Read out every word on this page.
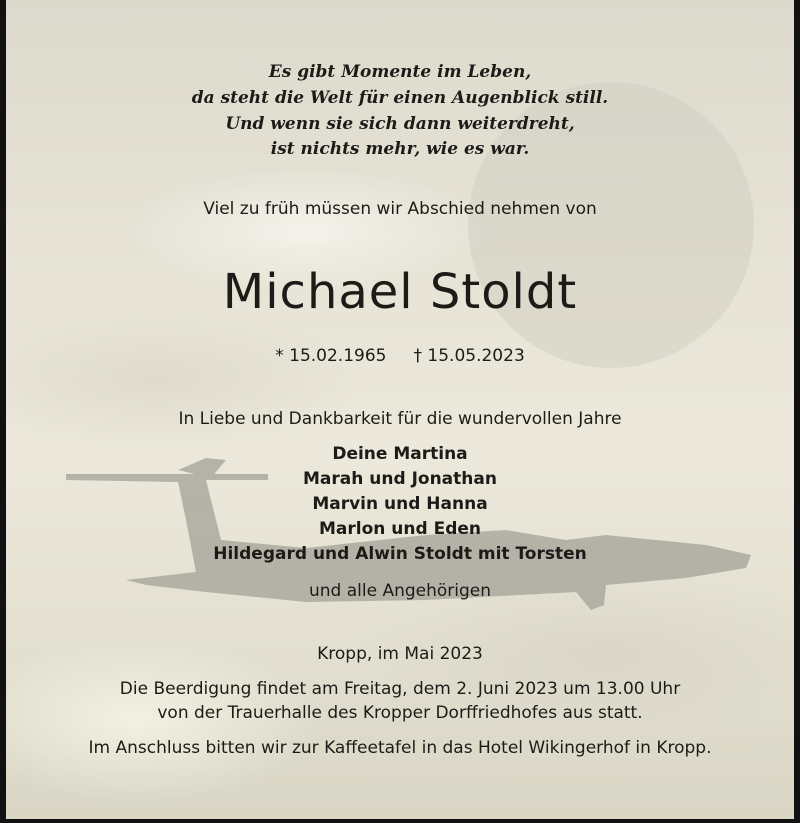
Es gibt Momente im Leben,
da steht die Welt für einen Augenblick still.
Und wenn sie sich dann weiterdreht,
ist nichts mehr, wie es war.
Viel zu früh müssen wir Abschied nehmen von
Michael Stoldt
* 15.02.1965 † 15.05.2023
In Liebe und Dankbarkeit für die wundervollen Jahre
Deine Martina
Marah und Jonathan
Marvin und Hanna
Marlon und Eden
Hildegard und Alwin Stoldt mit Torsten
und alle Angehörigen
Kropp, im Mai 2023
Die Beerdigung findet am Freitag, dem 2. Juni 2023 um 13.00 Uhr
von der Trauerhalle des Kropper Dorffriedhofes aus statt.
Im Anschluss bitten wir zur Kaffeetafel in das Hotel Wikingerhof in Kropp.
